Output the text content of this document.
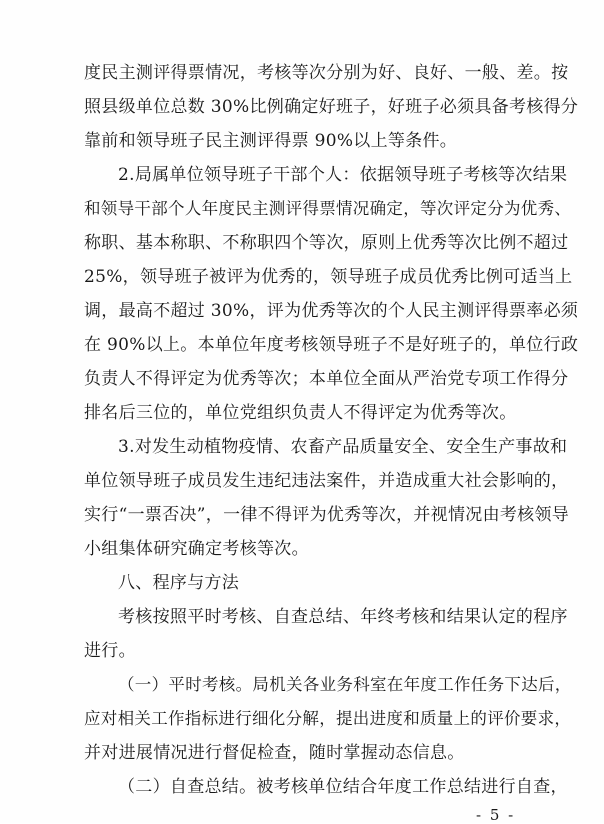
度民主测评得票情况，考核等次分别为好、良好、一般、差。按
照县级单位总数 30%比例确定好班子，好班子必须具备考核得分
靠前和领导班子民主测评得票 90%以上等条件。
2.局属单位领导班子干部个人：依据领导班子考核等次结果
和领导干部个人年度民主测评得票情况确定，等次评定分为优秀、
称职、基本称职、不称职四个等次，原则上优秀等次比例不超过
25%，领导班子被评为优秀的，领导班子成员优秀比例可适当上
调，最高不超过 30%，评为优秀等次的个人民主测评得票率必须
在 90%以上。本单位年度考核领导班子不是好班子的，单位行政
负责人不得评定为优秀等次；本单位全面从严治党专项工作得分
排名后三位的，单位党组织负责人不得评定为优秀等次。
3.对发生动植物疫情、农畜产品质量安全、安全生产事故和
单位领导班子成员发生违纪违法案件，并造成重大社会影响的，
实行“一票否决”，一律不得评为优秀等次，并视情况由考核领导
小组集体研究确定考核等次。
八、程序与方法
考核按照平时考核、自查总结、年终考核和结果认定的程序
进行。
（一）平时考核。局机关各业务科室在年度工作任务下达后，
应对相关工作指标进行细化分解，提出进度和质量上的评价要求，
并对进展情况进行督促检查，随时掌握动态信息。
（二）自查总结。被考核单位结合年度工作总结进行自查，
- 5 -
